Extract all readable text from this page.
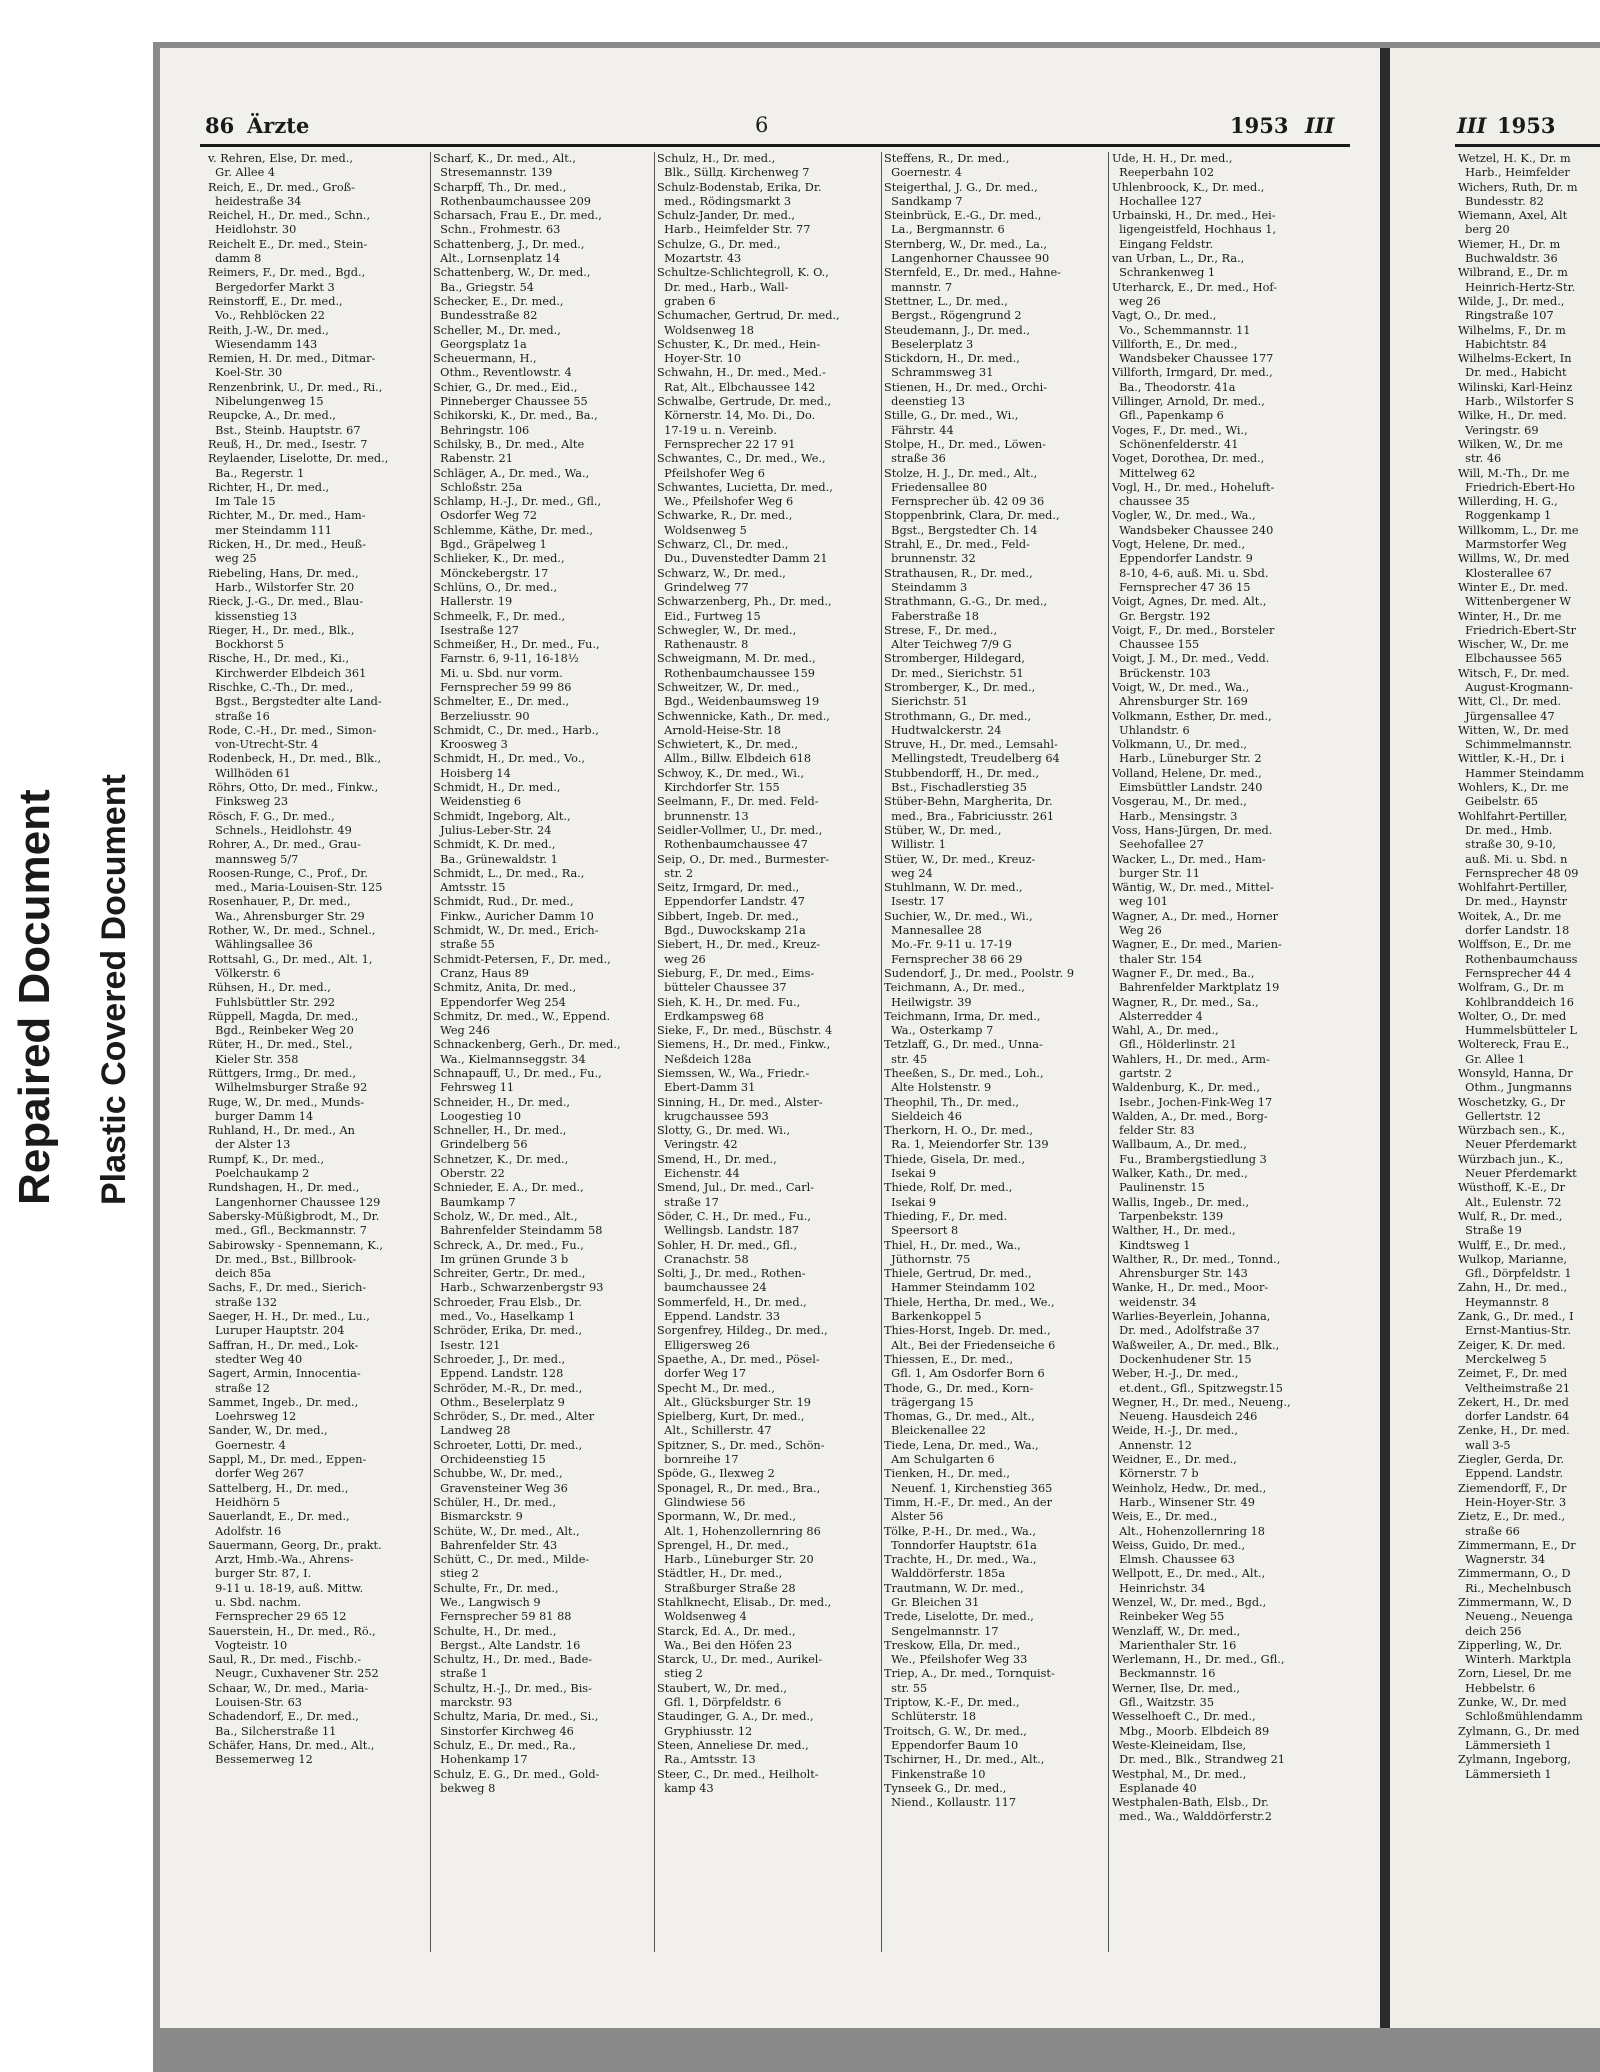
Repaired Document Plastic Covered Document
86 Ärzte	6	1953 III
v. Rehren, Else, Dr. med.,
Gr. Allee 4
Reich, E., Dr. med., Groß-
heidestraße 34
Reichel, H., Dr. med., Schn.,
Heidlohstr. 30
Reichelt E., Dr. med., Stein-
damm 8
Reimers, F., Dr. med., Bgd.,
Bergedorfer Markt 3
Reinstorff, E., Dr. med.,
Vo., Rehblöcken 22
Reith, J.-W., Dr. med.,
Wiesendamm 143
Remien, H. Dr. med., Ditmar-
Koel-Str. 30
Renzenbrink, U., Dr. med., Ri.,
Nibelungenweg 15
Reupcke, A., Dr. med.,
Bst., Steinb. Hauptstr. 67
Reuß, H., Dr. med., Isestr. 7
Reylaender, Liselotte, Dr. med.,
Ba., Regerstr. 1
Richter, H., Dr. med.,
Im Tale 15
Richter, M., Dr. med., Ham-
mer Steindamm 111
Ricken, H., Dr. med., Heuß-
weg 25
Riebeling, Hans, Dr. med.,
Harb., Wilstorfer Str. 20
Rieck, J.-G., Dr. med., Blau-
kissenstieg 13
Rieger, H., Dr. med., Blk.,
Bockhorst 5
Rische, H., Dr. med., Ki.,
Kirchwerder Elbdeich 361
Rischke, C.-Th., Dr. med.,
Bgst., Bergstedter alte Land-
straße 16
Rode, C.-H., Dr. med., Simon-
von-Utrecht-Str. 4
Rodenbeck, H., Dr. med., Blk.,
Willhöden 61
Röhrs, Otto, Dr. med., Finkw.,
Finksweg 23
Rösch, F. G., Dr. med.,
Schnels., Heidlohstr. 49
Rohrer, A., Dr. med., Grau-
mannsweg 5/7
Roosen-Runge, C., Prof., Dr.
med., Maria-Louisen-Str. 125
Rosenhauer, P., Dr. med.,
Wa., Ahrensburger Str. 29
Rother, W., Dr. med., Schnel.,
Wählingsallee 36
Rottsahl, G., Dr. med., Alt. 1,
Völkerstr. 6
Rühsen, H., Dr. med.,
Fuhlsbüttler Str. 292
Rüppell, Magda, Dr. med.,
Bgd., Reinbeker Weg 20
Rüter, H., Dr. med., Stel.,
Kieler Str. 358
Rüttgers, Irmg., Dr. med.,
Wilhelmsburger Straße 92
Ruge, W., Dr. med., Munds-
burger Damm 14
Ruhland, H., Dr. med., An
der Alster 13
Rumpf, K., Dr. med.,
Poelchaukamp 2
Rundshagen, H., Dr. med.,
Langenhorner Chaussee 129
Sabersky-Müßigbrodt, M., Dr.
med., Gfl., Beckmannstr. 7
Sabirowsky - Spennemann, K.,
Dr. med., Bst., Billbrook-
deich 85a
Sachs, F., Dr. med., Sierich-
straße 132
Saeger, H. H., Dr. med., Lu.,
Luruper Hauptstr. 204
Saffran, H., Dr. med., Lok-
stedter Weg 40
Sagert, Armin, Innocentia-
straße 12
Sammet, Ingeb., Dr. med.,
Loehrsweg 12
Sander, W., Dr. med.,
Goernestr. 4
Sappl, M., Dr. med., Eppen-
dorfer Weg 267
Sattelberg, H., Dr. med.,
Heidhörn 5
Sauerlandt, E., Dr. med.,
Adolfstr. 16
Sauermann, Georg, Dr., prakt.
Arzt, Hmb.-Wa., Ahrens-
burger Str. 87, I.
9-11 u. 18-19, auß. Mittw.
u. Sbd. nachm.
Fernsprecher 29 65 12
Sauerstein, H., Dr. med., Rö.,
Vogteistr. 10
Saul, R., Dr. med., Fischb.-
Neugr., Cuxhavener Str. 252
Schaar, W., Dr. med., Maria-
Louisen-Str. 63
Schadendorf, E., Dr. med.,
Ba., Silcherstraße 11
Schäfer, Hans, Dr. med., Alt.,
Bessemerweg 12
Scharf, K., Dr. med., Alt.,
Stresemannstr. 139
Scharpff, Th., Dr. med.,
Rothenbaumchaussee 209
Scharsach, Frau E., Dr. med.,
Schn., Frohmestr. 63
Schattenberg, J., Dr. med.,
Alt., Lornsenplatz 14
Schattenberg, W., Dr. med.,
Ba., Griegstr. 54
Schecker, E., Dr. med.,
Bundesstraße 82
Scheller, M., Dr. med.,
Georgsplatz 1a
Scheuermann, H.,
Othm., Reventlowstr. 4
Schier, G., Dr. med., Eid.,
Pinneberger Chaussee 55
Schikorski, K., Dr. med., Ba.,
Behringstr. 106
Schilsky, B., Dr. med., Alte
Rabenstr. 21
Schläger, A., Dr. med., Wa.,
Schloßstr. 25a
Schlamp, H.-J., Dr. med., Gfl.,
Osdorfer Weg 72
Schlemme, Käthe, Dr. med.,
Bgd., Gräpelweg 1
Schlieker, K., Dr. med.,
Mönckebergstr. 17
Schlüns, O., Dr. med.,
Hallerstr. 19
Schmeelk, F., Dr. med.,
Isestraße 127
Schmeißer, H., Dr. med., Fu.,
Farnstr. 6, 9-11, 16-18½
Mi. u. Sbd. nur vorm.
Fernsprecher 59 99 86
Schmelter, E., Dr. med.,
Berzeliusstr. 90
Schmidt, C., Dr. med., Harb.,
Kroosweg 3
Schmidt, H., Dr. med., Vo.,
Hoisberg 14
Schmidt, H., Dr. med.,
Weidenstieg 6
Schmidt, Ingeborg, Alt.,
Julius-Leber-Str. 24
Schmidt, K. Dr. med.,
Ba., Grünewaldstr. 1
Schmidt, L., Dr. med., Ra.,
Amtsstr. 15
Schmidt, Rud., Dr. med.,
Finkw., Auricher Damm 10
Schmidt, W., Dr. med., Erich-
straße 55
Schmidt-Petersen, F., Dr. med.,
Cranz, Haus 89
Schmitz, Anita, Dr. med.,
Eppendorfer Weg 254
Schmitz, Dr. med., W., Eppend.
Weg 246
Schnackenberg, Gerh., Dr. med.,
Wa., Kielmannseggstr. 34
Schnapauff, U., Dr. med., Fu.,
Fehrsweg 11
Schneider, H., Dr. med.,
Loogestieg 10
Schneller, H., Dr. med.,
Grindelberg 56
Schnetzer, K., Dr. med.,
Oberstr. 22
Schnieder, E. A., Dr. med.,
Baumkamp 7
Scholz, W., Dr. med., Alt.,
Bahrenfelder Steindamm 58
Schreck, A., Dr. med., Fu.,
Im grünen Grunde 3 b
Schreiter, Gertr., Dr. med.,
Harb., Schwarzenbergstr 93
Schroeder, Frau Elsb., Dr.
med., Vo., Haselkamp 1
Schröder, Erika, Dr. med.,
Isestr. 121
Schroeder, J., Dr. med.,
Eppend. Landstr. 128
Schröder, M.-R., Dr. med.,
Othm., Beselerplatz 9
Schröder, S., Dr. med., Alter
Landweg 28
Schroeter, Lotti, Dr. med.,
Orchideenstieg 15
Schubbe, W., Dr. med.,
Gravensteiner Weg 36
Schüler, H., Dr. med.,
Bismarckstr. 9
Schüte, W., Dr. med., Alt.,
Bahrenfelder Str. 43
Schütt, C., Dr. med., Milde-
stieg 2
Schulte, Fr., Dr. med.,
We., Langwisch 9
Fernsprecher 59 81 88
Schulte, H., Dr. med.,
Bergst., Alte Landstr. 16
Schultz, H., Dr. med., Bade-
straße 1
Schultz, H.-J., Dr. med., Bis-
marckstr. 93
Schultz, Maria, Dr. med., Si.,
Sinstorfer Kirchweg 46
Schulz, E., Dr. med., Ra.,
Hohenkamp 17
Schulz, E. G., Dr. med., Gold-
bekweg 8
Schulz, H., Dr. med.,
Blk., Süllд. Kirchenweg 7
Schulz-Bodenstab, Erika, Dr.
med., Rödingsmarkt 3
Schulz-Jander, Dr. med.,
Harb., Heimfelder Str. 77
Schulze, G., Dr. med.,
Mozartstr. 43
Schultze-Schlichtegroll, K. O.,
Dr. med., Harb., Wall-
graben 6
Schumacher, Gertrud, Dr. med.,
Woldsenweg 18
Schuster, K., Dr. med., Hein-
Hoyer-Str. 10
Schwahn, H., Dr. med., Med.-
Rat, Alt., Elbchaussee 142
Schwalbe, Gertrude, Dr. med.,
Körnerstr. 14, Mo. Di., Do.
17-19 u. n. Vereinb.
Fernsprecher 22 17 91
Schwantes, C., Dr. med., We.,
Pfeilshofer Weg 6
Schwantes, Lucietta, Dr. med.,
We., Pfeilshofer Weg 6
Schwarke, R., Dr. med.,
Woldsenweg 5
Schwarz, Cl., Dr. med.,
Du., Duvenstedter Damm 21
Schwarz, W., Dr. med.,
Grindelweg 77
Schwarzenberg, Ph., Dr. med.,
Eid., Furtweg 15
Schwegler, W., Dr. med.,
Rathenaustr. 8
Schweigmann, M. Dr. med.,
Rothenbaumchaussee 159
Schweitzer, W., Dr. med.,
Bgd., Weidenbaumsweg 19
Schwennicke, Kath., Dr. med.,
Arnold-Heise-Str. 18
Schwietert, K., Dr. med.,
Allm., Billw. Elbdeich 618
Schwoy, K., Dr. med., Wi.,
Kirchdorfer Str. 155
Seelmann, F., Dr. med. Feld-
brunnenstr. 13
Seidler-Vollmer, U., Dr. med.,
Rothenbaumchaussee 47
Seip, O., Dr. med., Burmester-
str. 2
Seitz, Irmgard, Dr. med.,
Eppendorfer Landstr. 47
Sibbert, Ingeb. Dr. med.,
Bgd., Duwockskamp 21a
Siebert, H., Dr. med., Kreuz-
weg 26
Sieburg, F., Dr. med., Eims-
bütteler Chaussee 37
Sieh, K. H., Dr. med. Fu.,
Erdkampsweg 68
Sieke, F., Dr. med., Büschstr. 4
Siemens, H., Dr. med., Finkw.,
Neßdeich 128a
Siemssen, W., Wa., Friedr.-
Ebert-Damm 31
Sinning, H., Dr. med., Alster-
krugchaussee 593
Slotty, G., Dr. med. Wi.,
Veringstr. 42
Smend, H., Dr. med.,
Eichenstr. 44
Smend, Jul., Dr. med., Carl-
straße 17
Söder, C. H., Dr. med., Fu.,
Wellingsb. Landstr. 187
Sohler, H. Dr. med., Gfl.,
Cranachstr. 58
Solti, J., Dr. med., Rothen-
baumchaussee 24
Sommerfeld, H., Dr. med.,
Eppend. Landstr. 33
Sorgenfrey, Hildeg., Dr. med.,
Elligersweg 26
Spaethe, A., Dr. med., Pösel-
dorfer Weg 17
Specht M., Dr. med.,
Alt., Glücksburger Str. 19
Spielberg, Kurt, Dr. med.,
Alt., Schillerstr. 47
Spitzner, S., Dr. med., Schön-
bornreihe 17
Spöde, G., Ilexweg 2
Sponagel, R., Dr. med., Bra.,
Glindwiese 56
Spormann, W., Dr. med.,
Alt. 1, Hohenzollernring 86
Sprengel, H., Dr. med.,
Harb., Lüneburger Str. 20
Städtler, H., Dr. med.,
Straßburger Straße 28
Stahlknecht, Elisab., Dr. med.,
Woldsenweg 4
Starck, Ed. A., Dr. med.,
Wa., Bei den Höfen 23
Starck, U., Dr. med., Aurikel-
stieg 2
Staubert, W., Dr. med.,
Gfl. 1, Dörpfeldstr. 6
Staudinger, G. A., Dr. med.,
Gryphiusstr. 12
Steen, Anneliese Dr. med.,
Ra., Amtsstr. 13
Steer, C., Dr. med., Heilholt-
kamp 43
Steffens, R., Dr. med.,
Goernestr. 4
Steigerthal, J. G., Dr. med.,
Sandkamp 7
Steinbrück, E.-G., Dr. med.,
La., Bergmannstr. 6
Sternberg, W., Dr. med., La.,
Langenhorner Chaussee 90
Sternfeld, E., Dr. med., Hahne-
mannstr. 7
Stettner, L., Dr. med.,
Bergst., Rögengrund 2
Steudemann, J., Dr. med.,
Beselerplatz 3
Stickdorn, H., Dr. med.,
Schrammsweg 31
Stienen, H., Dr. med., Orchi-
deenstieg 13
Stille, G., Dr. med., Wi.,
Fährstr. 44
Stolpe, H., Dr. med., Löwen-
straße 36
Stolze, H. J., Dr. med., Alt.,
Friedensallee 80
Fernsprecher üb. 42 09 36
Stoppenbrink, Clara, Dr. med.,
Bgst., Bergstedter Ch. 14
Strahl, E., Dr. med., Feld-
brunnenstr. 32
Strathausen, R., Dr. med.,
Steindamm 3
Strathmann, G.-G., Dr. med.,
Faberstraße 18
Strese, F., Dr. med.,
Alter Teichweg 7/9 G
Stromberger, Hildegard,
Dr. med., Sierichstr. 51
Stromberger, K., Dr. med.,
Sierichstr. 51
Strothmann, G., Dr. med.,
Hudtwalckerstr. 24
Struve, H., Dr. med., Lemsahl-
Mellingstedt, Treudelberg 64
Stubbendorff, H., Dr. med.,
Bst., Fischadlerstieg 35
Stüber-Behn, Margherita, Dr.
med., Bra., Fabriciusstr. 261
Stüber, W., Dr. med.,
Willistr. 1
Stüer, W., Dr. med., Kreuz-
weg 24
Stuhlmann, W. Dr. med.,
Isestr. 17
Suchier, W., Dr. med., Wi.,
Mannesallee 28
Mo.-Fr. 9-11 u. 17-19
Fernsprecher 38 66 29
Sudendorf, J., Dr. med., Poolstr. 9
Teichmann, A., Dr. med.,
Heilwigstr. 39
Teichmann, Irma, Dr. med.,
Wa., Osterkamp 7
Tetzlaff, G., Dr. med., Unna-
str. 45
Theeßen, S., Dr. med., Loh.,
Alte Holstenstr. 9
Theophil, Th., Dr. med.,
Sieldeich 46
Therkorn, H. O., Dr. med.,
Ra. 1, Meiendorfer Str. 139
Thiede, Gisela, Dr. med.,
Isekai 9
Thiede, Rolf, Dr. med.,
Isekai 9
Thieding, F., Dr. med.
Speersort 8
Thiel, H., Dr. med., Wa.,
Jüthornstr. 75
Thiele, Gertrud, Dr. med.,
Hammer Steindamm 102
Thiele, Hertha, Dr. med., We.,
Barkenkoppel 5
Thies-Horst, Ingeb. Dr. med.,
Alt., Bei der Friedenseiche 6
Thiessen, E., Dr. med.,
Gfl. 1, Am Osdorfer Born 6
Thode, G., Dr. med., Korn-
trägergang 15
Thomas, G., Dr. med., Alt.,
Bleickenallee 22
Tiede, Lena, Dr. med., Wa.,
Am Schulgarten 6
Tienken, H., Dr. med.,
Neuenf. 1, Kirchenstieg 365
Timm, H.-F., Dr. med., An der
Alster 56
Tölke, P.-H., Dr. med., Wa.,
Tonndorfer Hauptstr. 61a
Trachte, H., Dr. med., Wa.,
Walddörferstr. 185a
Trautmann, W. Dr. med.,
Gr. Bleichen 31
Trede, Liselotte, Dr. med.,
Sengelmannstr. 17
Treskow, Ella, Dr. med.,
We., Pfeilshofer Weg 33
Triep, A., Dr. med., Tornquist-
str. 55
Triptow, K.-F., Dr. med.,
Schlüterstr. 18
Troitsch, G. W., Dr. med.,
Eppendorfer Baum 10
Tschirner, H., Dr. med., Alt.,
Finkenstraße 10
Tynseek G., Dr. med.,
Niend., Kollaustr. 117
Ude, H. H., Dr. med.,
Reeperbahn 102
Uhlenbroock, K., Dr. med.,
Hochallee 127
Urbainski, H., Dr. med., Hei-
ligengeistfeld, Hochhaus 1,
Eingang Feldstr.
van Urban, L., Dr., Ra.,
Schrankenweg 1
Uterharck, E., Dr. med., Hof-
weg 26
Vagt, O., Dr. med.,
Vo., Schemmannstr. 11
Villforth, E., Dr. med.,
Wandsbeker Chaussee 177
Villforth, Irmgard, Dr. med.,
Ba., Theodorstr. 41a
Villinger, Arnold, Dr. med.,
Gfl., Papenkamp 6
Voges, F., Dr. med., Wi.,
Schönenfelderstr. 41
Voget, Dorothea, Dr. med.,
Mittelweg 62
Vogl, H., Dr. med., Hoheluft-
chaussee 35
Vogler, W., Dr. med., Wa.,
Wandsbeker Chaussee 240
Vogt, Helene, Dr. med.,
Eppendorfer Landstr. 9
8-10, 4-6, auß. Mi. u. Sbd.
Fernsprecher 47 36 15
Voigt, Agnes, Dr. med. Alt.,
Gr. Bergstr. 192
Voigt, F., Dr. med., Borsteler
Chaussee 155
Voigt, J. M., Dr. med., Vedd.
Brückenstr. 103
Voigt, W., Dr. med., Wa.,
Ahrensburger Str. 169
Volkmann, Esther, Dr. med.,
Uhlandstr. 6
Volkmann, U., Dr. med.,
Harb., Lüneburger Str. 2
Volland, Helene, Dr. med.,
Eimsbüttler Landstr. 240
Vosgerau, M., Dr. med.,
Harb., Mensingstr. 3
Voss, Hans-Jürgen, Dr. med.
Seehofallee 27
Wacker, L., Dr. med., Ham-
burger Str. 11
Wäntig, W., Dr. med., Mittel-
weg 101
Wagner, A., Dr. med., Horner
Weg 26
Wagner, E., Dr. med., Marien-
thaler Str. 154
Wagner F., Dr. med., Ba.,
Bahrenfelder Marktplatz 19
Wagner, R., Dr. med., Sa.,
Alsterredder 4
Wahl, A., Dr. med.,
Gfl., Hölderlinstr. 21
Wahlers, H., Dr. med., Arm-
gartstr. 2
Waldenburg, K., Dr. med.,
Isebr., Jochen-Fink-Weg 17
Walden, A., Dr. med., Borg-
felder Str. 83
Wallbaum, A., Dr. med.,
Fu., Brambergstiedlung 3
Walker, Kath., Dr. med.,
Paulinenstr. 15
Wallis, Ingeb., Dr. med.,
Tarpenbekstr. 139
Walther, H., Dr. med.,
Kindtsweg 1
Walther, R., Dr. med., Tonnd.,
Ahrensburger Str. 143
Wanke, H., Dr. med., Moor-
weidenstr. 34
Warlies-Beyerlein, Johanna,
Dr. med., Adolfstraße 37
Waßweiler, A., Dr. med., Blk.,
Dockenhudener Str. 15
Weber, H.-J., Dr. med.,
et.dent., Gfl., Spitzwegstr.15
Wegner, H., Dr. med., Neueng.,
Neueng. Hausdeich 246
Weide, H.-J., Dr. med.,
Annenstr. 12
Weidner, E., Dr. med.,
Körnerstr. 7 b
Weinholz, Hedw., Dr. med.,
Harb., Winsener Str. 49
Weis, E., Dr. med.,
Alt., Hohenzollernring 18
Weiss, Guido, Dr. med.,
Elmsh. Chaussee 63
Wellpott, E., Dr. med., Alt.,
Heinrichstr. 34
Wenzel, W., Dr. med., Bgd.,
Reinbeker Weg 55
Wenzlaff, W., Dr. med.,
Marienthaler Str. 16
Werlemann, H., Dr. med., Gfl.,
Beckmannstr. 16
Werner, Ilse, Dr. med.,
Gfl., Waitzstr. 35
Wesselhoeft C., Dr. med.,
Mbg., Moorb. Elbdeich 89
Weste-Kleineidam, Ilse,
Dr. med., Blk., Strandweg 21
Westphal, M., Dr. med.,
Esplanade 40
Westphalen-Bath, Elsb., Dr.
med., Wa., Walddörferstr.2
III 1953
Wetzel, H. K., Dr. m
Harb., Heimfelder
Wichers, Ruth, Dr. m
Bundesstr. 82
Wiemann, Axel, Alt
berg 20
Wiemer, H., Dr. m
Buchwaldstr. 36
Wilbrand, E., Dr. m
Heinrich-Hertz-Str.
Wilde, J., Dr. med.,
Ringstraße 107
Wilhelms, F., Dr. m
Habichtstr. 84
Wilhelms-Eckert, In
Dr. med., Habicht
Wilinski, Karl-Heinz
Harb., Wilstorfer S
Wilke, H., Dr. med.
Veringstr. 69
Wilken, W., Dr. me
str. 46
Will, M.-Th., Dr. me
Friedrich-Ebert-Ho
Willerding, H. G.,
Roggenkamp 1
Willkomm, L., Dr. me
Marmstorfer Weg
Willms, W., Dr. med
Klosterallee 67
Winter E., Dr. med.
Wittenbergener W
Winter, H., Dr. me
Friedrich-Ebert-Str
Wischer, W., Dr. me
Elbchaussee 565
Witsch, F., Dr. med.
August-Krogmann-
Witt, Cl., Dr. med.
Jürgensallee 47
Witten, W., Dr. med
Schimmelmannstr.
Wittler, K.-H., Dr. i
Hammer Steindamm
Wohlers, K., Dr. me
Geibelstr. 65
Wohlfahrt-Pertiller,
Dr. med., Hmb.
straße 30, 9-10,
auß. Mi. u. Sbd. n
Fernsprecher 48 09
Wohlfahrt-Pertiller,
Dr. med., Haynstr
Woitek, A., Dr. me
dorfer Landstr. 18
Wolffson, E., Dr. me
Rothenbaumchauss
Fernsprecher 44 4
Wolfram, G., Dr. m
Kohlbranddeich 16
Wolter, O., Dr. med
Hummelsbütteler L
Woltereck, Frau E.,
Gr. Allee 1
Wonsyld, Hanna, Dr
Othm., Jungmanns
Woschetzky, G., Dr
Gellertstr. 12
Würzbach sen., K.,
Neuer Pferdemarkt
Würzbach jun., K.,
Neuer Pferdemarkt
Wüsthoff, K.-E., Dr
Alt., Eulenstr. 72
Wulf, R., Dr. med.,
Straße 19
Wulff, E., Dr. med.,
Wulkop, Marianne,
Gfl., Dörpfeldstr. 1
Zahn, H., Dr. med.,
Heymannstr. 8
Zank, G., Dr. med., I
Ernst-Mantius-Str.
Zeiger, K. Dr. med.
Merckelweg 5
Zeimet, F., Dr. med
Veltheimstraße 21
Zekert, H., Dr. med
dorfer Landstr. 64
Zenke, H., Dr. med.
wall 3-5
Ziegler, Gerda, Dr.
Eppend. Landstr.
Ziemendorff, F., Dr
Hein-Hoyer-Str. 3
Zietz, E., Dr. med.,
straße 66
Zimmermann, E., Dr
Wagnerstr. 34
Zimmermann, O., D
Ri., Mechelnbusch
Zimmermann, W., D
Neueng., Neuenga
deich 256
Zipperling, W., Dr.
Winterh. Marktpla
Zorn, Liesel, Dr. me
Hebbelstr. 6
Zunke, W., Dr. med
Schloßmühlendamm
Zylmann, G., Dr. med
Lämmersieth 1
Zylmann, Ingeborg,
Lämmersieth 1
